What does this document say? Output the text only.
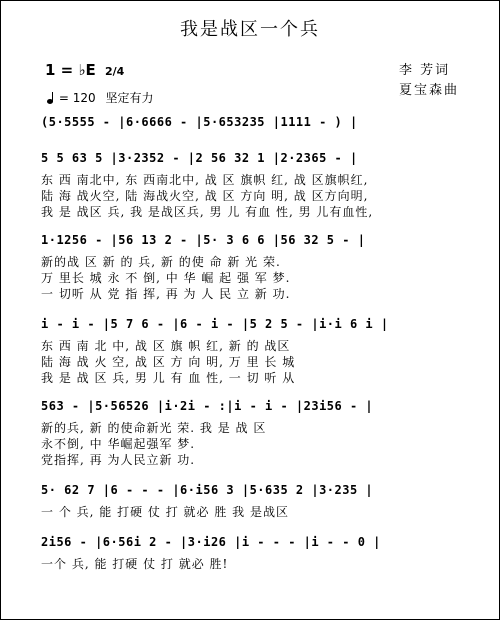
我是战区一个兵
李 芳词
夏宝森曲
1 = ♭E 2/4
= 120 坚定有力
(5·5555 - |6·6666 - |5·653235 |1111 - ) |
5 5 63 5 |3·2352 - |2 56 32 1 |2·2365 - |
东 西 南北中, 东 西南北中, 战 区 旗帜 红, 战 区旗帜红,
陆 海 战火空, 陆 海战火空, 战 区 方向 明, 战 区方向明,
我 是 战区 兵, 我 是战区兵, 男 儿 有血 性, 男 儿有血性,
1·1256 - |56 13 2 - |5· 3 6 6 |56 32 5 - |
新的战 区 新 的 兵, 新 的使 命 新 光 荣.
万 里长 城 永 不 倒, 中 华 崛 起 强 军 梦.
一 切听 从 党 指 挥, 再 为 人 民 立 新 功.
i - i - |5 7 6 - |6 - i - |5 2 5 - |i·i 6 i |
东 西 南 北 中, 战 区 旗 帜 红, 新 的 战区
陆 海 战 火 空, 战 区 方 向 明, 万 里 长 城
我 是 战 区 兵, 男 儿 有 血 性, 一 切 听 从
563 - |5·56526 |i·2i - :|i - i - |23i56 - |
新的兵, 新 的使命新光 荣. 我 是 战 区
永不倒, 中 华崛起强军 梦.
党指挥, 再 为人民立新 功.
5· 62 7 |6 - - - |6·i56 3 |5·635 2 |3·235 |
一 个 兵, 能 打硬 仗 打 就必 胜 我 是战区
2i56 - |6·56i 2 - |3·i26 |i - - - |i - - 0 |
一个 兵, 能 打硬 仗 打 就必 胜!
